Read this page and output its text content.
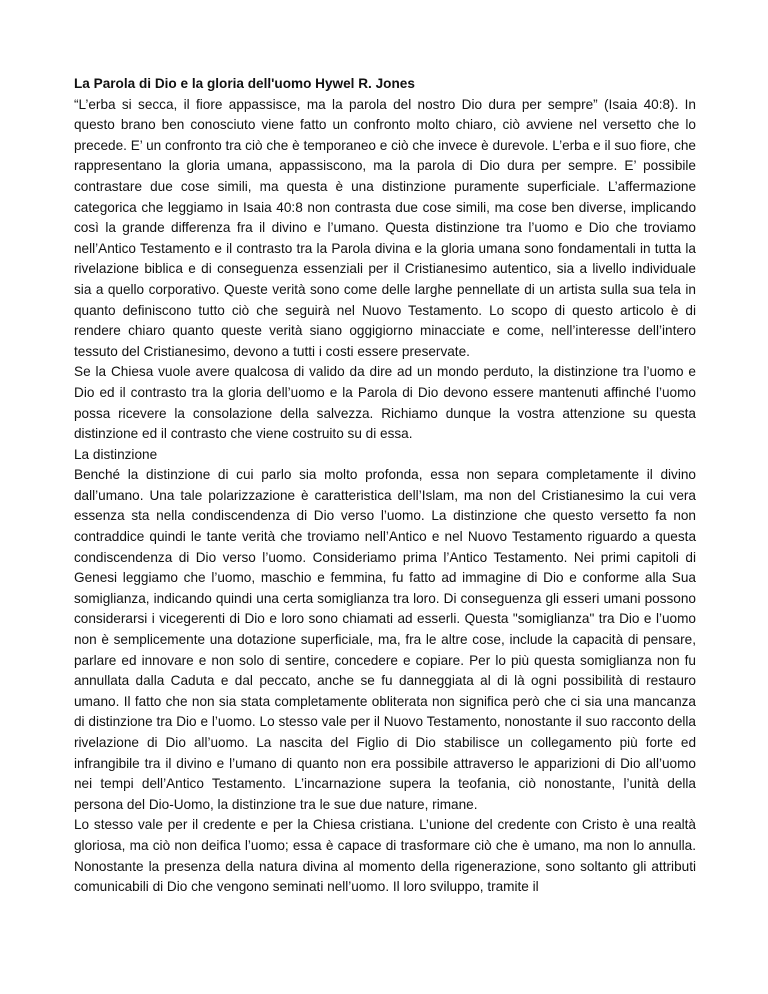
La Parola di Dio e la gloria dell'uomo Hywel R. Jones

“L’erba si secca, il fiore appassisce, ma la parola del nostro Dio dura per sempre” (Isaia 40:8). In questo brano ben conosciuto viene fatto un confronto molto chiaro, ciò avviene nel versetto che lo precede. E’ un confronto tra ciò che è temporaneo e ciò che invece è durevole. L’erba e il suo fiore, che rappresentano la gloria umana, appassiscono, ma la parola di Dio dura per sempre. E’ possibile contrastare due cose simili, ma questa è una distinzione puramente superficiale. L’affermazione categorica che leggiamo in Isaia 40:8 non contrasta due cose simili, ma cose ben diverse, implicando così la grande differenza fra il divino e l’umano. Questa distinzione tra l’uomo e Dio che troviamo nell’Antico Testamento e il contrasto tra la Parola divina e la gloria umana sono fondamentali in tutta la rivelazione biblica e di conseguenza essenziali per il Cristianesimo autentico, sia a livello individuale sia a quello corporativo. Queste verità sono come delle larghe pennellate di un artista sulla sua tela in quanto definiscono tutto ciò che seguirà nel Nuovo Testamento. Lo scopo di questo articolo è di rendere chiaro quanto queste verità siano oggigiorno minacciate e come, nell’interesse dell’intero tessuto del Cristianesimo, devono a tutti i costi essere preservate.

Se la Chiesa vuole avere qualcosa di valido da dire ad un mondo perduto, la distinzione tra l’uomo e Dio ed il contrasto tra la gloria dell’uomo e la Parola di Dio devono essere mantenuti affinché l’uomo possa ricevere la consolazione della salvezza. Richiamo dunque la vostra attenzione su questa distinzione ed il contrasto che viene costruito su di essa.

La distinzione

Benché la distinzione di cui parlo sia molto profonda, essa non separa completamente il divino dall’umano. Una tale polarizzazione è caratteristica dell’Islam, ma non del Cristianesimo la cui vera essenza sta nella condiscendenza di Dio verso l’uomo. La distinzione che questo versetto fa non contraddice quindi le tante verità che troviamo nell’Antico e nel Nuovo Testamento riguardo a questa condiscendenza di Dio verso l’uomo. Consideriamo prima l’Antico Testamento. Nei primi capitoli di Genesi leggiamo che l’uomo, maschio e femmina, fu fatto ad immagine di Dio e conforme alla Sua somiglianza, indicando quindi una certa somiglianza tra loro. Di conseguenza gli esseri umani possono considerarsi i vicegerenti di Dio e loro sono chiamati ad esserli. Questa "somiglianza" tra Dio e l’uomo non è semplicemente una dotazione superficiale, ma, fra le altre cose, include la capacità di pensare, parlare ed innovare e non solo di sentire, concedere e copiare. Per lo più questa somiglianza non fu annullata dalla Caduta e dal peccato, anche se fu danneggiata al di là ogni possibilità di restauro umano. Il fatto che non sia stata completamente obliterata non significa però che ci sia una mancanza di distinzione tra Dio e l’uomo. Lo stesso vale per il Nuovo Testamento, nonostante il suo racconto della rivelazione di Dio all’uomo. La nascita del Figlio di Dio stabilisce un collegamento più forte ed infrangibile tra il divino e l’umano di quanto non era possibile attraverso le apparizioni di Dio all’uomo nei tempi dell’Antico Testamento. L’incarnazione supera la teofania, ciò nonostante, l’unità della persona del Dio-Uomo, la distinzione tra le sue due nature, rimane.

Lo stesso vale per il credente e per la Chiesa cristiana. L’unione del credente con Cristo è una realtà gloriosa, ma ciò non deifica l’uomo; essa è capace di trasformare ciò che è umano, ma non lo annulla. Nonostante la presenza della natura divina al momento della rigenerazione, sono soltanto gli attributi comunicabili di Dio che vengono seminati nell’uomo. Il loro sviluppo, tramite il
